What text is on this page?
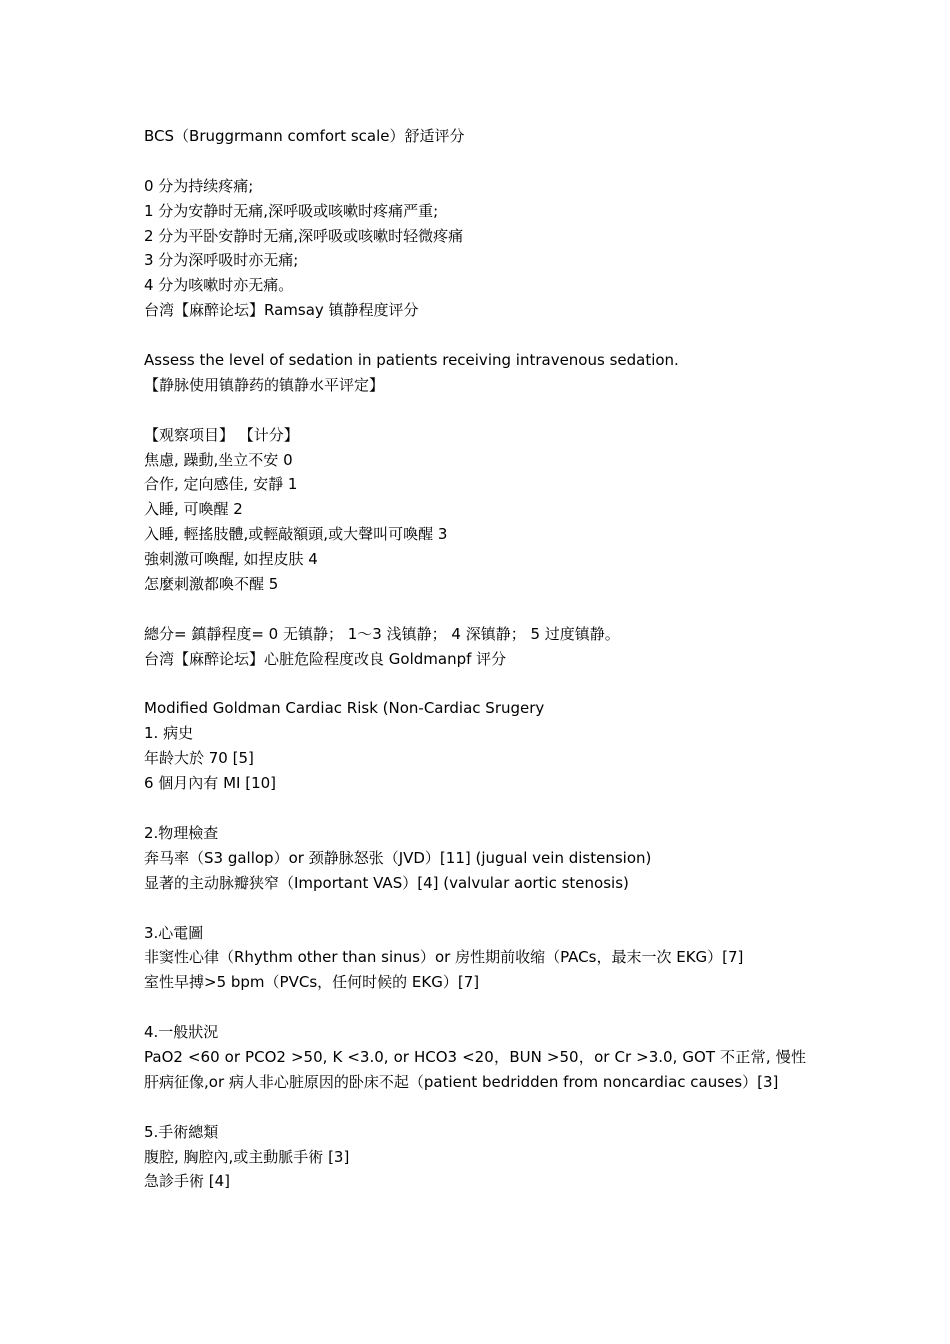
BCS（Bruggrmann comfort scale）舒适评分
0 分为持续疼痛;
1 分为安静时无痛,深呼吸或咳嗽时疼痛严重;
2 分为平卧安静时无痛,深呼吸或咳嗽时轻微疼痛
3 分为深呼吸时亦无痛;
4 分为咳嗽时亦无痛。
台湾【麻醉论坛】Ramsay 镇静程度评分
Assess the level of sedation in patients receiving intravenous sedation.
【静脉使用镇静药的镇静水平评定】
【观察项目】 【计分】
焦慮, 躁動,坐立不安 0
合作, 定向感佳, 安靜 1
入睡, 可喚醒 2
入睡, 輕搖肢體,或輕敲額頭,或大聲叫可喚醒 3
強刺激可喚醒, 如捏皮肤 4
怎麼刺激都喚不醒 5
總分= 鎮靜程度= 0 无镇静； 1～3 浅镇静； 4 深镇静； 5 过度镇静。
台湾【麻醉论坛】心脏危险程度改良 Goldmanpf 评分
Modified Goldman Cardiac Risk (Non-Cardiac Srugery
1. 病史
年龄大於 70 [5]
6 個月內有 MI [10]
2.物理檢查
奔马率（S3 gallop）or 颈静脉怒张（JVD）[11] (jugual vein distension)
显著的主动脉瓣狭窄（Important VAS）[4] (valvular aortic stenosis)
3.心電圖
非窦性心律（Rhythm other than sinus）or 房性期前收缩（PACs，最末一次 EKG）[7]
室性早搏>5 bpm（PVCs，任何时候的 EKG）[7]
4.一般狀況
PaO2 <60 or PCO2 >50, K <3.0, or HCO3 <20，BUN >50，or Cr >3.0, GOT 不正常, 慢性肝病征像,or 病人非心脏原因的卧床不起（patient bedridden from noncardiac causes）[3]
5.手術總類
腹腔, 胸腔內,或主動脈手術 [3]
急診手術 [4]
